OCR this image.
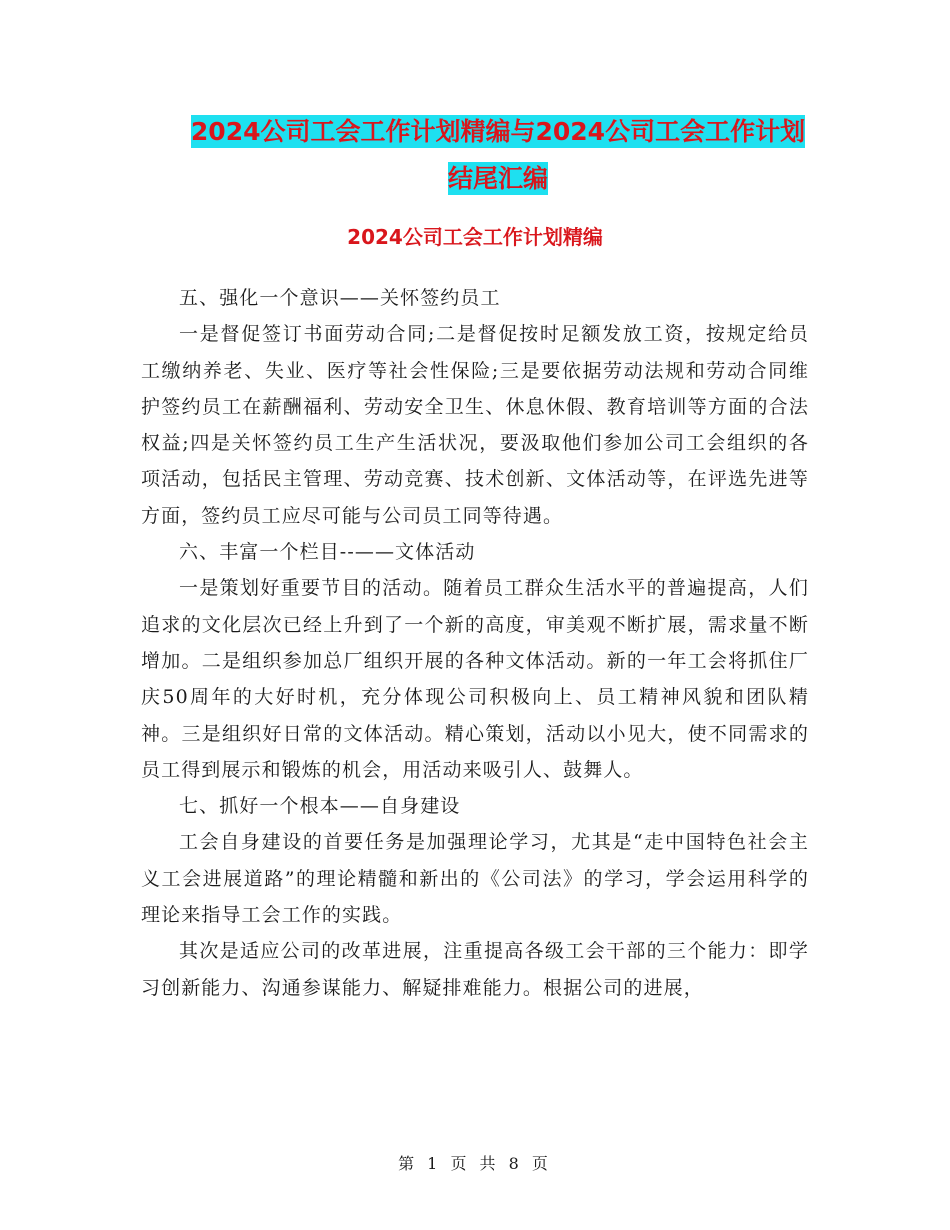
2024公司工会工作计划精编与2024公司工会工作计划
结尾汇编
2024公司工会工作计划精编

五、强化一个意识——关怀签约员工

一是督促签订书面劳动合同;二是督促按时足额发放工资，按规定给员工缴纳养老、失业、医疗等社会性保险;三是要依据劳动法规和劳动合同维护签约员工在薪酬福利、劳动安全卫生、休息休假、教育培训等方面的合法权益;四是关怀签约员工生产生活状况，要汲取他们参加公司工会组织的各项活动，包括民主管理、劳动竞赛、技术创新、文体活动等，在评选先进等方面，签约员工应尽可能与公司员工同等待遇。

六、丰富一个栏目--——文体活动

一是策划好重要节目的活动。随着员工群众生活水平的普遍提高，人们追求的文化层次已经上升到了一个新的高度，审美观不断扩展，需求量不断增加。二是组织参加总厂组织开展的各种文体活动。新的一年工会将抓住厂庆50周年的大好时机，充分体现公司积极向上、员工精神风貌和团队精神。三是组织好日常的文体活动。精心策划，活动以小见大，使不同需求的员工得到展示和锻炼的机会，用活动来吸引人、鼓舞人。

七、抓好一个根本——自身建设

工会自身建设的首要任务是加强理论学习，尤其是“走中国特色社会主义工会进展道路”的理论精髓和新出的《公司法》的学习，学会运用科学的理论来指导工会工作的实践。

其次是适应公司的改革进展，注重提高各级工会干部的三个能力：即学习创新能力、沟通参谋能力、解疑排难能力。根据公司的进展，

第 1 页 共 8 页
